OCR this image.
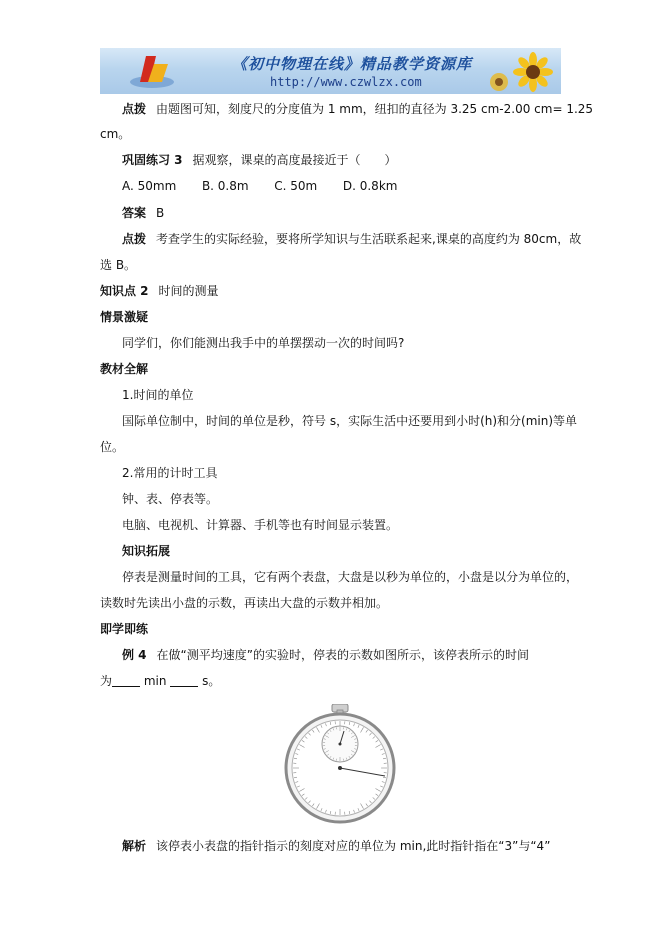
《初中物理在线》精品教学资源库
http://www.czwlzx.com
点拨 由题图可知，刻度尺的分度值为 1 mm，纽扣的直径为 3.25 cm-2.00 cm= 1.25
cm。
巩固练习 3 据观察，课桌的高度最接近于（　　）
A. 50mm B. 0.8m C. 50m D. 0.8km
答案 B
点拨 考查学生的实际经验，要将所学知识与生活联系起来,课桌的高度约为 80cm，故
选 B。
知识点 2 时间的测量
情景激疑
同学们，你们能测出我手中的单摆摆动一次的时间吗?
教材全解
1.时间的单位
国际单位制中，时间的单位是秒，符号 s，实际生活中还要用到小时(h)和分(min)等单
位。
2.常用的计时工具
钟、表、停表等。
电脑、电视机、计算器、手机等也有时间显示装置。
知识拓展
停表是测量时间的工具，它有两个表盘，大盘是以秒为单位的，小盘是以分为单位的，
读数时先读出小盘的示数，再读出大盘的示数并相加。
即学即练
例 4 在做“测平均速度”的实验时，停表的示数如图所示，该停表所示的时间
为	min	s。
解析 该停表小表盘的指针指示的刻度对应的单位为 min,此时指针指在“3”与“4”
